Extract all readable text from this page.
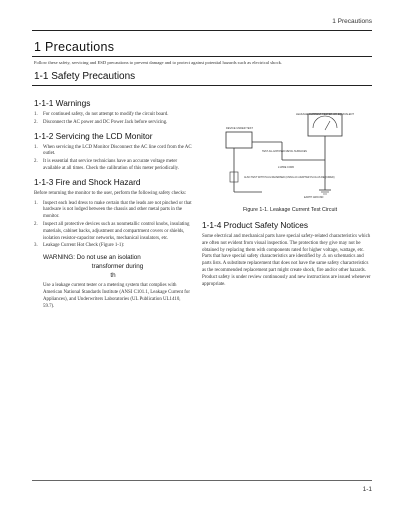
1 Precautions
1 Precautions
Follow these safety, servicing and ESD precautions to prevent damage and to protect against potential hazards such as electrical shock.
1-1 Safety Precautions
1-1-1 Warnings
1. For continued safety, do not attempt to modify the circuit board.
2. Disconnect the AC power and DC Power Jack before servicing.
1-1-2 Servicing the LCD Monitor
1. When servicing the LCD Monitor Disconnect the AC line cord from the AC outlet.
2. It is essential that service technicians have an accurate voltage meter available at all times. Check the calibration of this meter periodically.
1-1-3 Fire and Shock Hazard
Before returning the monitor to the user, perform the following safety checks:
1. Inspect each lead dress to make certain that the leads are not pinched or that hardware is not lodged between the chassis and other metal parts in the monitor.
2. Inspect all protective devices such as nonmetallic control knobs, insulating materials, cabinet backs, adjustment and compartment covers or shields, isolation resistor-capacitor networks, mechanical insulators, etc.
3. Leakage Current Hot Check (Figure 1-1):
WARNING: Do not use an isolation
transformer during
th
Use a leakage current tester or a metering system that complies with American National Standards Institute (ANSI C101.1, Leakage Current for Appliances), and Underwriters Laboratories (UL Publication UL1410, 59.7).
LEAKAGE CURRENT TESTER OR EQUIVALENT
DEVICE UNDER TEST
TEST ALL EXPOSED METAL SURFACES
2-WIRE CORD
ALSO TEST WITH PLUG REVERSED (USING AC ADAPTER PLUG AS REQUIRED)
EARTH GROUND
Figure 1-1. Leakage Current Test Circuit
1-1-4 Product Safety Notices
Some electrical and mechanical parts have special safety-related characteristics which are often not evident from visual inspection. The protection they give may not be obtained by replacing them with components rated for higher voltage, wattage, etc. Parts that have special safety characteristics are identified by ⚠ on schematics and parts lists. A substitute replacement that does not have the same safety characteristics as the recommended replacement part might create shock, fire and/or other hazards. Product safety is under review continuously and new instructions are issued whenever appropriate.
1-1
